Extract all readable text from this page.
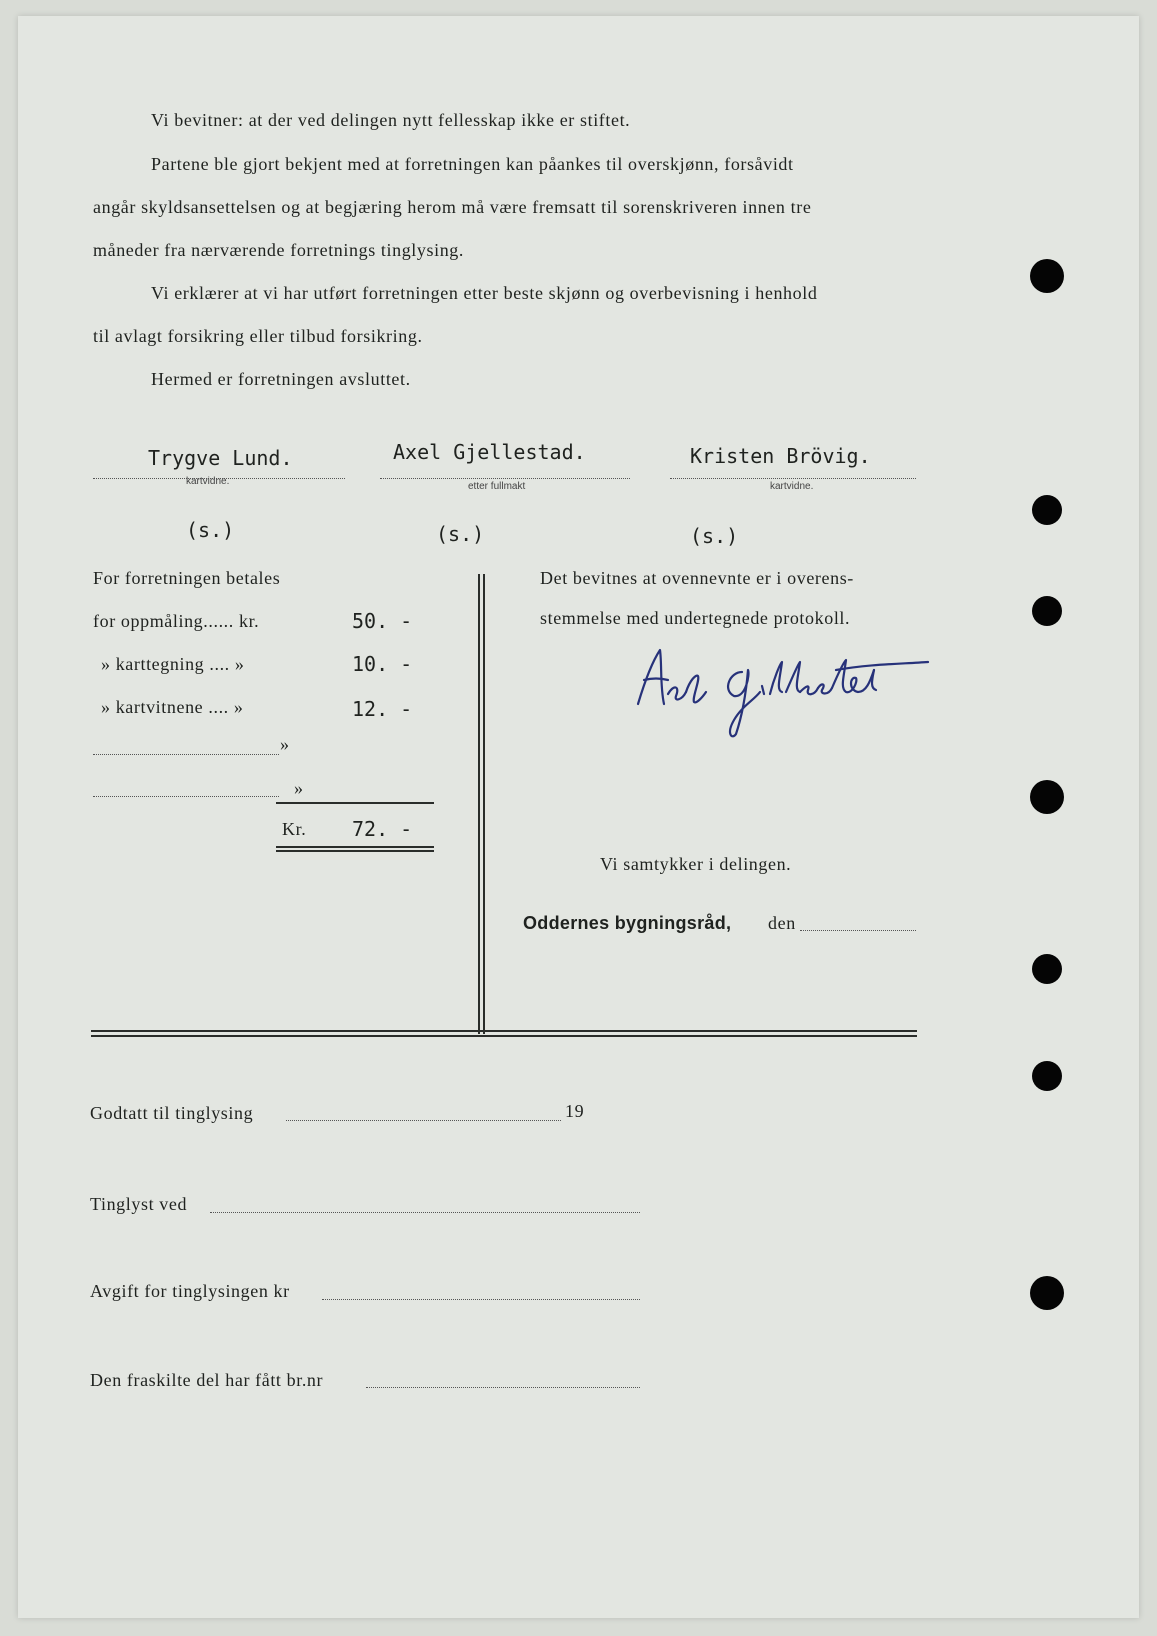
Vi bevitner: at der ved delingen nytt fellesskap ikke er stiftet.
Partene ble gjort bekjent med at forretningen kan påankes til overskjønn, forsåvidt
angår skyldsansettelsen og at begjæring herom må være fremsatt til sorenskriveren innen tre
måneder fra nærværende forretnings tinglysing.
Vi erklærer at vi har utført forretningen etter beste skjønn og overbevisning i henhold
til avlagt forsikring eller tilbud forsikring.
Hermed er forretningen avsluttet.
Trygve Lund.
kartvidne.
(s.)
Axel Gjellestad.
etter fullmakt
(s.)
Kristen Brövig.
kartvidne.
(s.)
For forretningen betales
for oppmåling...... kr.	50. -
» karttegning .... »	10. -
» kartvitnene .... »	12. -
»
»
Kr. 72. -
Det bevitnes at ovennevnte er i overens-
stemmelse med undertegnede protokoll.
Vi samtykker i delingen.
Oddernes bygningsråd, den
Godtatt til tinglysing	19
Tinglyst ved
Avgift for tinglysingen kr
Den fraskilte del har fått br.nr
